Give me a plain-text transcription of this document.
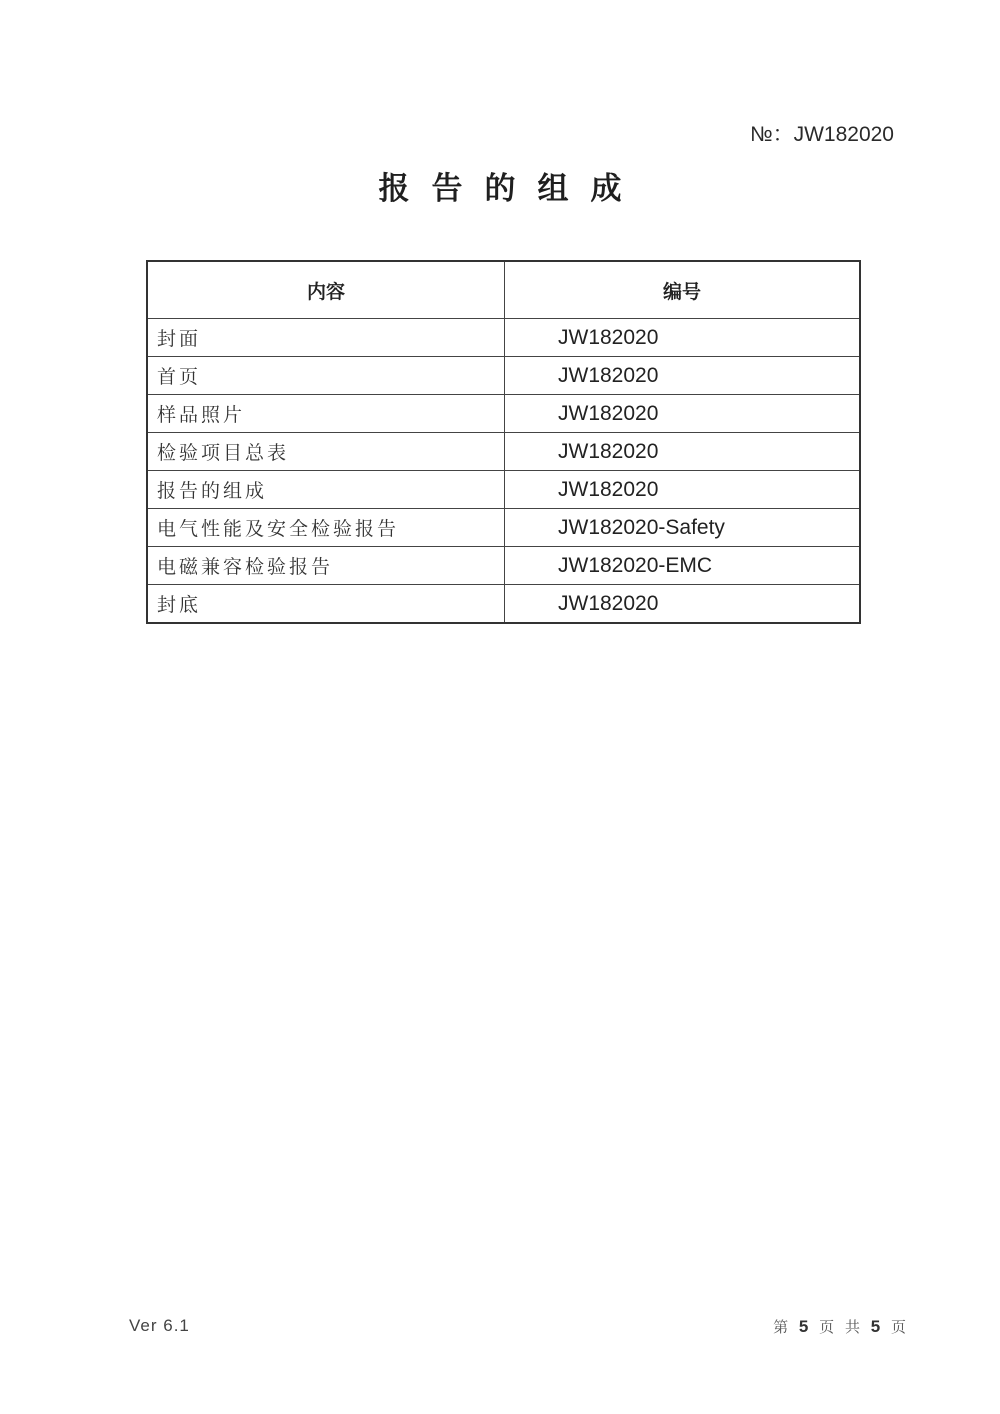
№：JW182020
报告的组成
内容	编号
封面	JW182020
首页	JW182020
样品照片	JW182020
检验项目总表	JW182020
报告的组成	JW182020
电气性能及安全检验报告	JW182020-Safety
电磁兼容检验报告	JW182020-EMC
封底	JW182020
Ver 6.1	第 5 页 共 5 页
